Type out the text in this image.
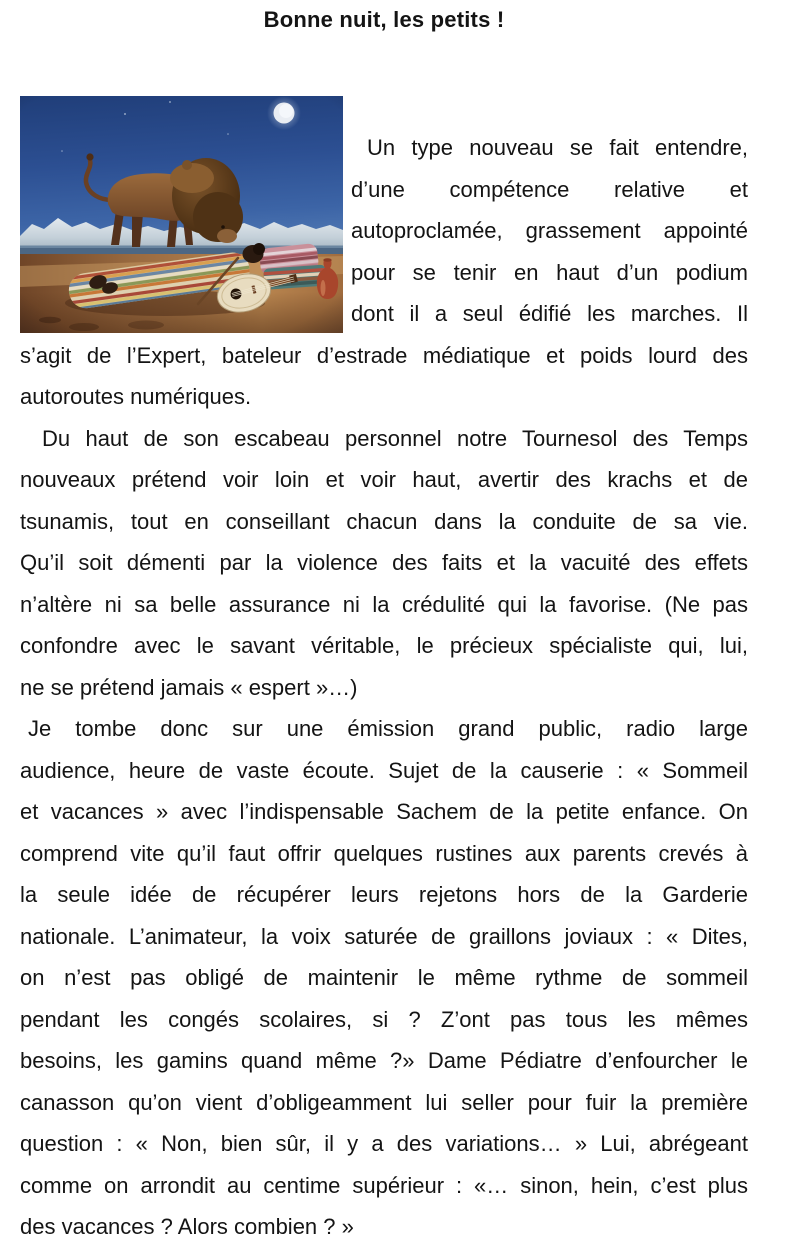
Bonne nuit, les petits !
Un type nouveau se fait entendre,
d’une compétence relative et
autoproclamée, grassement appointé
pour se tenir en haut d’un podium
dont il a seul édifié les marches. Il
s’agit de l’Expert, bateleur d’estrade médiatique et poids lourd des
autoroutes numériques.
Du haut de son escabeau personnel notre Tournesol des Temps
nouveaux prétend voir loin et voir haut, avertir des krachs et de
tsunamis, tout en conseillant chacun dans la conduite de sa vie.
Qu’il soit démenti par la violence des faits et la vacuité des effets
n’altère ni sa belle assurance ni la crédulité qui la favorise. (Ne pas
confondre avec le savant véritable, le précieux spécialiste qui, lui,
ne se prétend jamais « espert »…)
Je tombe donc sur une émission grand public, radio large
audience, heure de vaste écoute. Sujet de la causerie : « Sommeil
et vacances » avec l’indispensable Sachem de la petite enfance. On
comprend vite qu’il faut offrir quelques rustines aux parents crevés à
la seule idée de récupérer leurs rejetons hors de la Garderie
nationale. L’animateur, la voix saturée de graillons joviaux : « Dites,
on n’est pas obligé de maintenir le même rythme de sommeil
pendant les congés scolaires, si ? Z’ont pas tous les mêmes
besoins, les gamins quand même ?» Dame Pédiatre d’enfourcher le
canasson qu’on vient d’obligeamment lui seller pour fuir la première
question : « Non, bien sûr, il y a des variations… » Lui, abrégeant
comme on arrondit au centime supérieur : «… sinon, hein, c’est plus
des vacances ? Alors combien ? »
